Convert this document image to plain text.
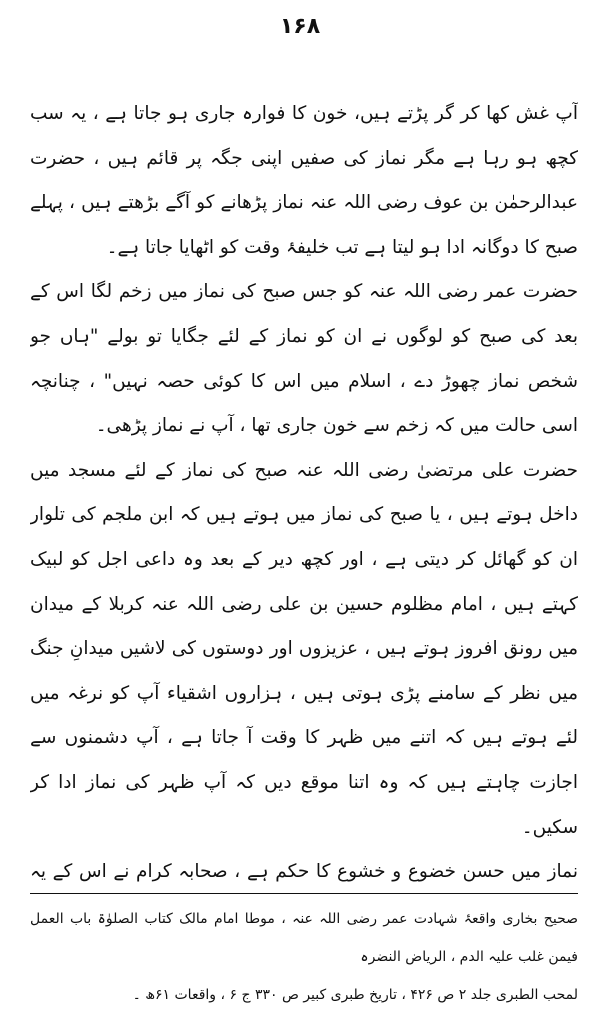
۱۶۸

آپ غش کھا کر گر پڑتے ہیں، خون کا فوارہ جاری ہو جاتا ہے ، یہ سب کچھ ہو رہا ہے مگر نماز کی صفیں اپنی جگہ پر قائم ہیں ، حضرت عبدالرحمٰن بن عوف رضی اللہ عنہ نماز پڑھانے کو آگے بڑھتے ہیں ، پہلے صبح کا دوگانہ ادا ہو لیتا ہے تب خلیفۂ وقت کو اٹھایا جاتا ہے۔

حضرت عمر رضی اللہ عنہ کو جس صبح کی نماز میں زخم لگا اس کے بعد کی صبح کو لوگوں نے ان کو نماز کے لئے جگایا تو بولے "ہاں جو شخص نماز چھوڑ دے ، اسلام میں اس کا کوئی حصہ نہیں" ، چنانچہ اسی حالت میں کہ زخم سے خون جاری تھا ، آپ نے نماز پڑھی۔

حضرت علی مرتضیٰ رضی اللہ عنہ صبح کی نماز کے لئے مسجد میں داخل ہوتے ہیں ، یا صبح کی نماز میں ہوتے ہیں کہ ابن ملجم کی تلوار ان کو گھائل کر دیتی ہے ، اور کچھ دیر کے بعد وہ داعی اجل کو لبیک کہتے ہیں ، امام مظلوم حسین بن علی رضی اللہ عنہ کربلا کے میدان میں رونق افروز ہوتے ہیں ، عزیزوں اور دوستوں کی لاشیں میدانِ جنگ میں نظر کے سامنے پڑی ہوتی ہیں ، ہزاروں اشقیاء آپ کو نرغہ میں لئے ہوتے ہیں کہ اتنے میں ظہر کا وقت آ جاتا ہے ، آپ دشمنوں سے اجازت چاہتے ہیں کہ وہ اتنا موقع دیں کہ آپ ظہر کی نماز ادا کر سکیں۔

نماز میں حسن خضوع و خشوع کا حکم ہے ، صحابہ کرام نے اس کے یہ

صحیح بخاری واقعۂ شہادت عمر رضی اللہ عنہ ، موطا امام مالک کتاب الصلوٰۃ باب العمل فیمن غلب علیہ الدم ، الریاض النضرہ

لمحب الطبری جلد ۲ ص ۴۲۶ ، تاریخ طبری کبیر ص ۳۳۰ ج ۶ ، واقعات ۶۱ھ ۔
